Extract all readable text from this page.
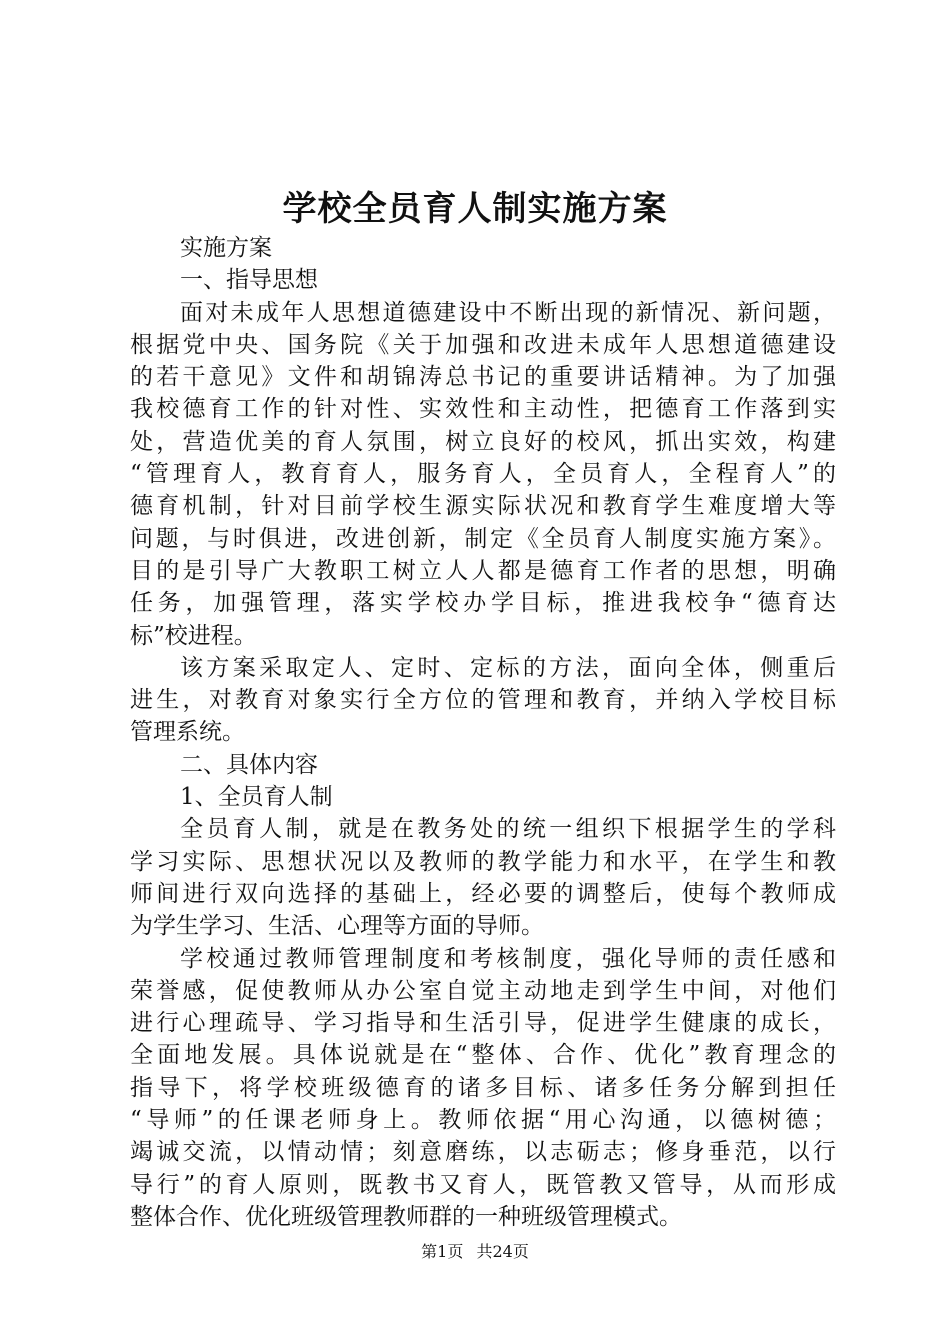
学校全员育人制实施方案
实施方案
一、指导思想
面对未成年人思想道德建设中不断出现的新情况、新问题，
根据党中央、国务院《关于加强和改进未成年人思想道德建设
的若干意见》文件和胡锦涛总书记的重要讲话精神。为了加强
我校德育工作的针对性、实效性和主动性，把德育工作落到实
处，营造优美的育人氛围，树立良好的校风，抓出实效，构建
“管理育人，教育育人，服务育人，全员育人，全程育人”的
德育机制，针对目前学校生源实际状况和教育学生难度增大等
问题，与时俱进，改进创新，制定《全员育人制度实施方案》。
目的是引导广大教职工树立人人都是德育工作者的思想，明确
任务，加强管理，落实学校办学目标，推进我校争“德育达
标”校进程。
该方案采取定人、定时、定标的方法，面向全体，侧重后
进生，对教育对象实行全方位的管理和教育，并纳入学校目标
管理系统。
二、具体内容
1、全员育人制
全员育人制，就是在教务处的统一组织下根据学生的学科
学习实际、思想状况以及教师的教学能力和水平，在学生和教
师间进行双向选择的基础上，经必要的调整后，使每个教师成
为学生学习、生活、心理等方面的导师。
学校通过教师管理制度和考核制度，强化导师的责任感和
荣誉感，促使教师从办公室自觉主动地走到学生中间，对他们
进行心理疏导、学习指导和生活引导，促进学生健康的成长，
全面地发展。具体说就是在“整体、合作、优化”教育理念的
指导下，将学校班级德育的诸多目标、诸多任务分解到担任
“导师”的任课老师身上。教师依据“用心沟通，以德树德；
竭诚交流，以情动情；刻意磨练，以志砺志；修身垂范，以行
导行”的育人原则，既教书又育人，既管教又管导，从而形成
整体合作、优化班级管理教师群的一种班级管理模式。
第1页 共24页
